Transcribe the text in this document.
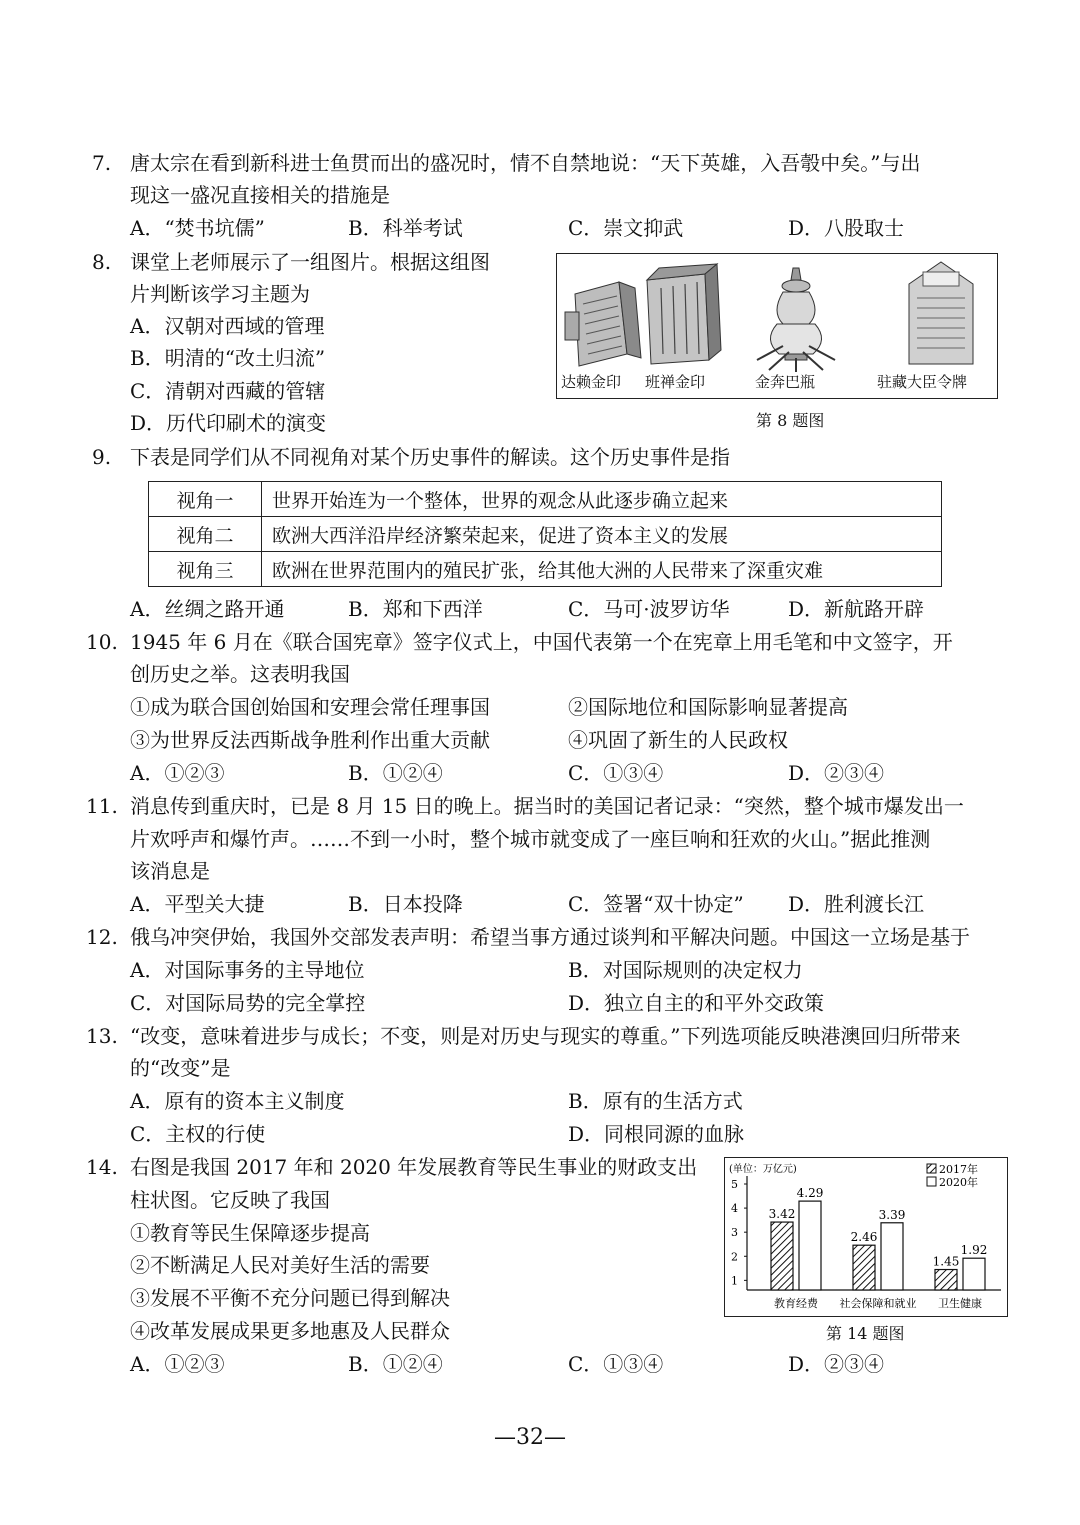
7. 唐太宗在看到新科进士鱼贯而出的盛况时，情不自禁地说：“天下英雄，入吾彀中矣。”与出
现这一盛况直接相关的措施是
A．“焚书坑儒”	B．科举考试	C．崇文抑武	D．八股取士
8. 课堂上老师展示了一组图片。根据这组图
片判断该学习主题为
A．汉朝对西域的管理
B．明清的“改土归流”
C．清朝对西藏的管辖
D．历代印刷术的演变
达赖金印 班禅金印	金奔巴瓶	驻藏大臣令牌
第 8 题图
9. 下表是同学们从不同视角对某个历史事件的解读。这个历史事件是指
视角一	世界开始连为一个整体，世界的观念从此逐步确立起来
视角二	欧洲大西洋沿岸经济繁荣起来，促进了资本主义的发展
视角三	欧洲在世界范围内的殖民扩张，给其他大洲的人民带来了深重灾难
A．丝绸之路开通	B．郑和下西洋	C．马可·波罗访华	D．新航路开辟
10. 1945 年 6 月在《联合国宪章》签字仪式上，中国代表第一个在宪章上用毛笔和中文签字，开
创历史之举。这表明我国
①成为联合国创始国和安理会常任理事国	②国际地位和国际影响显著提高
③为世界反法西斯战争胜利作出重大贡献	④巩固了新生的人民政权
A．①②③	B．①②④	C．①③④	D．②③④
11. 消息传到重庆时，已是 8 月 15 日的晚上。据当时的美国记者记录：“突然，整个城市爆发出一
片欢呼声和爆竹声。……不到一小时，整个城市就变成了一座巨响和狂欢的火山。”据此推测
该消息是
A．平型关大捷	B．日本投降	C．签署“双十协定” D．胜利渡长江
12. 俄乌冲突伊始，我国外交部发表声明：希望当事方通过谈判和平解决问题。中国这一立场是基于
A．对国际事务的主导地位	B．对国际规则的决定权力
C．对国际局势的完全掌控	D．独立自主的和平外交政策
13. “改变，意味着进步与成长；不变，则是对历史与现实的尊重。”下列选项能反映港澳回归所带来
的“改变”是
A．原有的资本主义制度	B．原有的生活方式
C．主权的行使	D．同根同源的血脉
14. 右图是我国 2017 年和 2020 年发展教育等民生事业的财政支出
柱状图。它反映了我国
①教育等民生保障逐步提高
②不断满足人民对美好生活的需要
③发展不平衡不充分问题已得到解决
④改革发展成果更多地惠及人民群众
A．①②③	B．①②④	C．①③④	D．②③④
(单位：万亿元)
1
2
3
4
5
3.42
4.29
教育经费
2.46
3.39
社会保障和就业
1.45
1.92
卫生健康
2017年
2020年
第 14 题图
—32—
